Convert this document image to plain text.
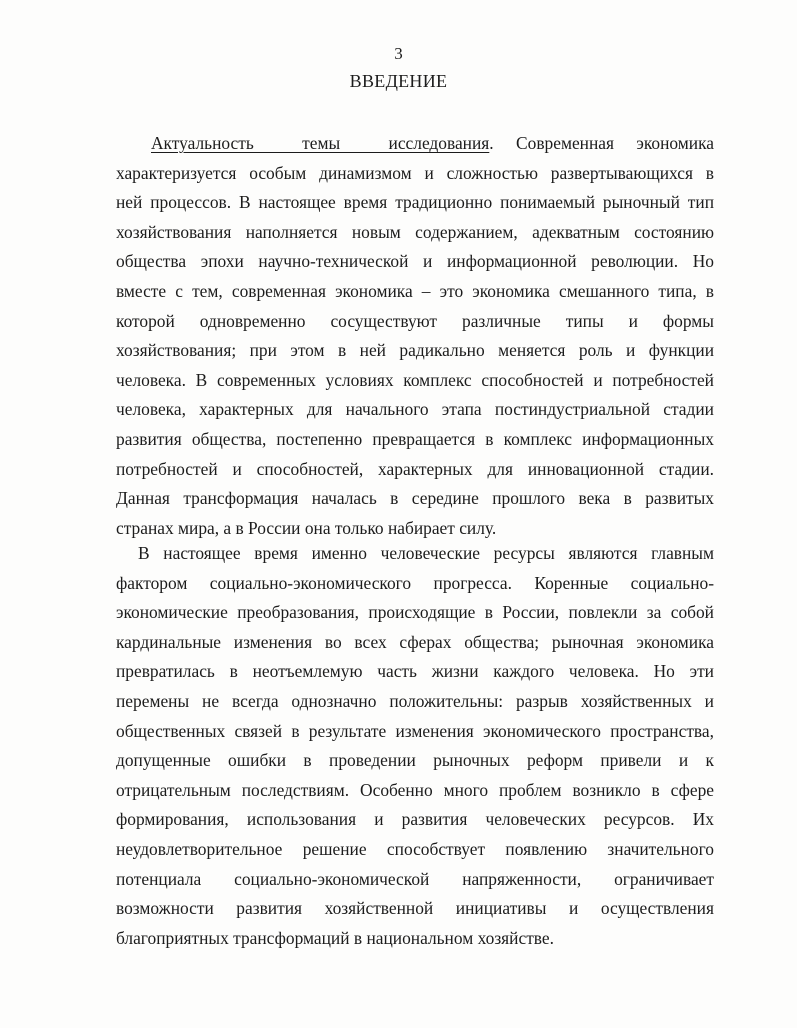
3
ВВЕДЕНИЕ
Актуальность темы исследования. Современная экономика
характеризуется особым динамизмом и сложностью развертывающихся в
ней процессов. В настоящее время традиционно понимаемый рыночный тип
хозяйствования наполняется новым содержанием, адекватным состоянию
общества эпохи научно-технической и информационной революции. Но
вместе с тем, современная экономика – это экономика смешанного типа, в
которой одновременно сосуществуют различные типы и формы
хозяйствования; при этом в ней радикально меняется роль и функции
человека. В современных условиях комплекс способностей и потребностей
человека, характерных для начального этапа постиндустриальной стадии
развития общества, постепенно превращается в комплекс информационных
потребностей и способностей, характерных для инновационной стадии.
Данная трансформация началась в середине прошлого века в развитых
странах мира, а в России она только набирает силу.
В настоящее время именно человеческие ресурсы являются главным
фактором социально-экономического прогресса. Коренные социально-
экономические преобразования, происходящие в России, повлекли за собой
кардинальные изменения во всех сферах общества; рыночная экономика
превратилась в неотъемлемую часть жизни каждого человека. Но эти
перемены не всегда однозначно положительны: разрыв хозяйственных и
общественных связей в результате изменения экономического пространства,
допущенные ошибки в проведении рыночных реформ привели и к
отрицательным последствиям. Особенно много проблем возникло в сфере
формирования, использования и развития человеческих ресурсов. Их
неудовлетворительное решение способствует появлению значительного
потенциала социально-экономической напряженности, ограничивает
возможности развития хозяйственной инициативы и осуществления
благоприятных трансформаций в национальном хозяйстве.
